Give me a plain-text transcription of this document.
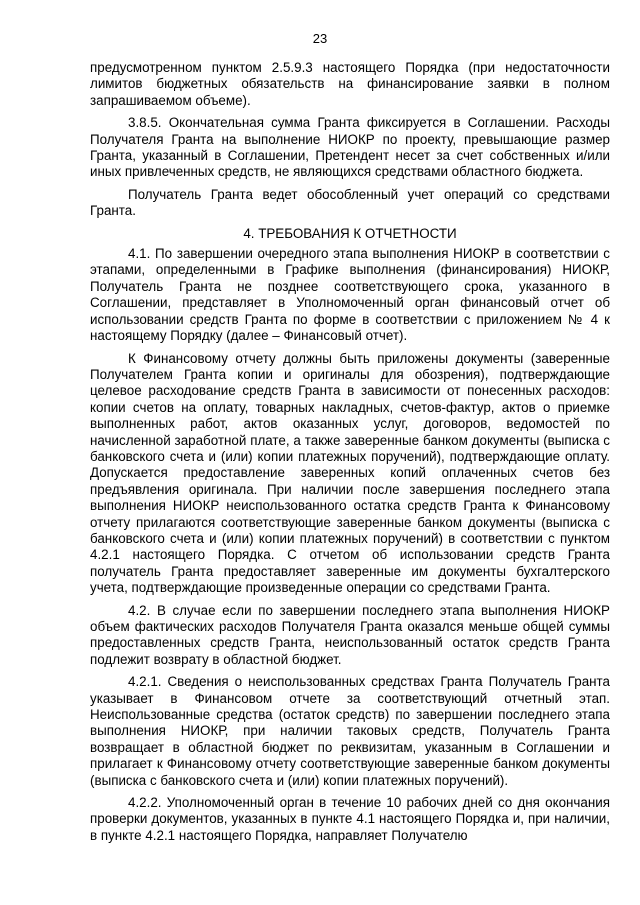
23

предусмотренном пунктом 2.5.9.3 настоящего Порядка (при недостаточности лимитов бюджетных обязательств на финансирование заявки в полном запрашиваемом объеме).

3.8.5. Окончательная сумма Гранта фиксируется в Соглашении. Расходы Получателя Гранта на выполнение НИОКР по проекту, превышающие размер Гранта, указанный в Соглашении, Претендент несет за счет собственных и/или иных привлеченных средств, не являющихся средствами областного бюджета.

Получатель Гранта ведет обособленный учет операций со средствами Гранта.

4. ТРЕБОВАНИЯ К ОТЧЕТНОСТИ

4.1. По завершении очередного этапа выполнения НИОКР в соответствии с этапами, определенными в Графике выполнения (финансирования) НИОКР, Получатель Гранта не позднее соответствующего срока, указанного в Соглашении, представляет в Уполномоченный орган финансовый отчет об использовании средств Гранта по форме в соответствии с приложением № 4 к настоящему Порядку (далее – Финансовый отчет).

К Финансовому отчету должны быть приложены документы (заверенные Получателем Гранта копии и оригиналы для обозрения), подтверждающие целевое расходование средств Гранта в зависимости от понесенных расходов: копии счетов на оплату, товарных накладных, счетов-фактур, актов о приемке выполненных работ, актов оказанных услуг, договоров, ведомостей по начисленной заработной плате, а также заверенные банком документы (выписка с банковского счета и (или) копии платежных поручений), подтверждающие оплату. Допускается предоставление заверенных копий оплаченных счетов без предъявления оригинала. При наличии после завершения последнего этапа выполнения НИОКР неиспользованного остатка средств Гранта к Финансовому отчету прилагаются соответствующие заверенные банком документы (выписка с банковского счета и (или) копии платежных поручений) в соответствии с пунктом 4.2.1 настоящего Порядка. С отчетом об использовании средств Гранта получатель Гранта предоставляет заверенные им документы бухгалтерского учета, подтверждающие произведенные операции со средствами Гранта.

4.2. В случае если по завершении последнего этапа выполнения НИОКР объем фактических расходов Получателя Гранта оказался меньше общей суммы предоставленных средств Гранта, неиспользованный остаток средств Гранта подлежит возврату в областной бюджет.

4.2.1. Сведения о неиспользованных средствах Гранта Получатель Гранта указывает в Финансовом отчете за соответствующий отчетный этап. Неиспользованные средства (остаток средств) по завершении последнего этапа выполнения НИОКР, при наличии таковых средств, Получатель Гранта возвращает в областной бюджет по реквизитам, указанным в Соглашении и прилагает к Финансовому отчету соответствующие заверенные банком документы (выписка с банковского счета и (или) копии платежных поручений).

4.2.2. Уполномоченный орган в течение 10 рабочих дней со дня окончания проверки документов, указанных в пункте 4.1 настоящего Порядка и, при наличии, в пункте 4.2.1 настоящего Порядка, направляет Получателю
